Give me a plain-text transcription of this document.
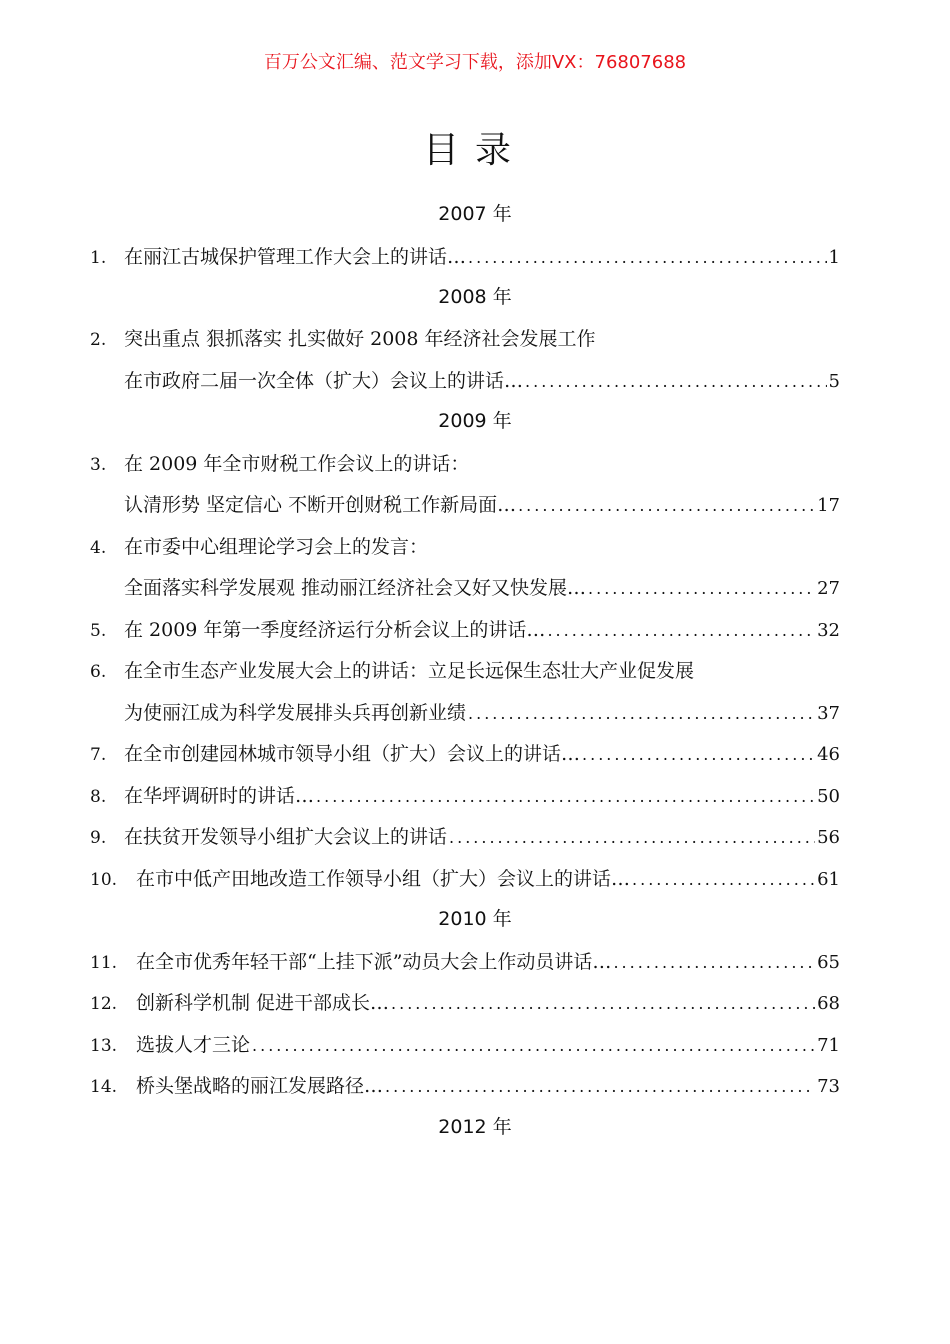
百万公文汇编、范文学习下载，添加VX：76807688
目录
2007 年
1. 在丽江古城保护管理工作大会上的讲话… .....	1
2008 年
2. 突出重点 狠抓落实 扎实做好 2008 年经济社会发展工作
在市政府二届一次全体（扩大）会议上的讲话… .....	5
2009 年
3. 在 2009 年全市财税工作会议上的讲话：
认清形势 坚定信心 不断开创财税工作新局面… .....	17
4. 在市委中心组理论学习会上的发言：
全面落实科学发展观 推动丽江经济社会又好又快发展… .....	27
5. 在 2009 年第一季度经济运行分析会议上的讲话… .....	32
6. 在全市生态产业发展大会上的讲话：立足长远保生态壮大产业促发展
为使丽江成为科学发展排头兵再创新业绩 .....	37
7. 在全市创建园林城市领导小组（扩大）会议上的讲话… .....	46
8. 在华坪调研时的讲话… .....	50
9. 在扶贫开发领导小组扩大会议上的讲话 .....	56
10. 在市中低产田地改造工作领导小组（扩大）会议上的讲话… .....	61
2010 年
11. 在全市优秀年轻干部“上挂下派”动员大会上作动员讲话… .....	65
12. 创新科学机制 促进干部成长… .....	68
13. 选拔人才三论 .....	71
14. 桥头堡战略的丽江发展路径… .....	73
2012 年
